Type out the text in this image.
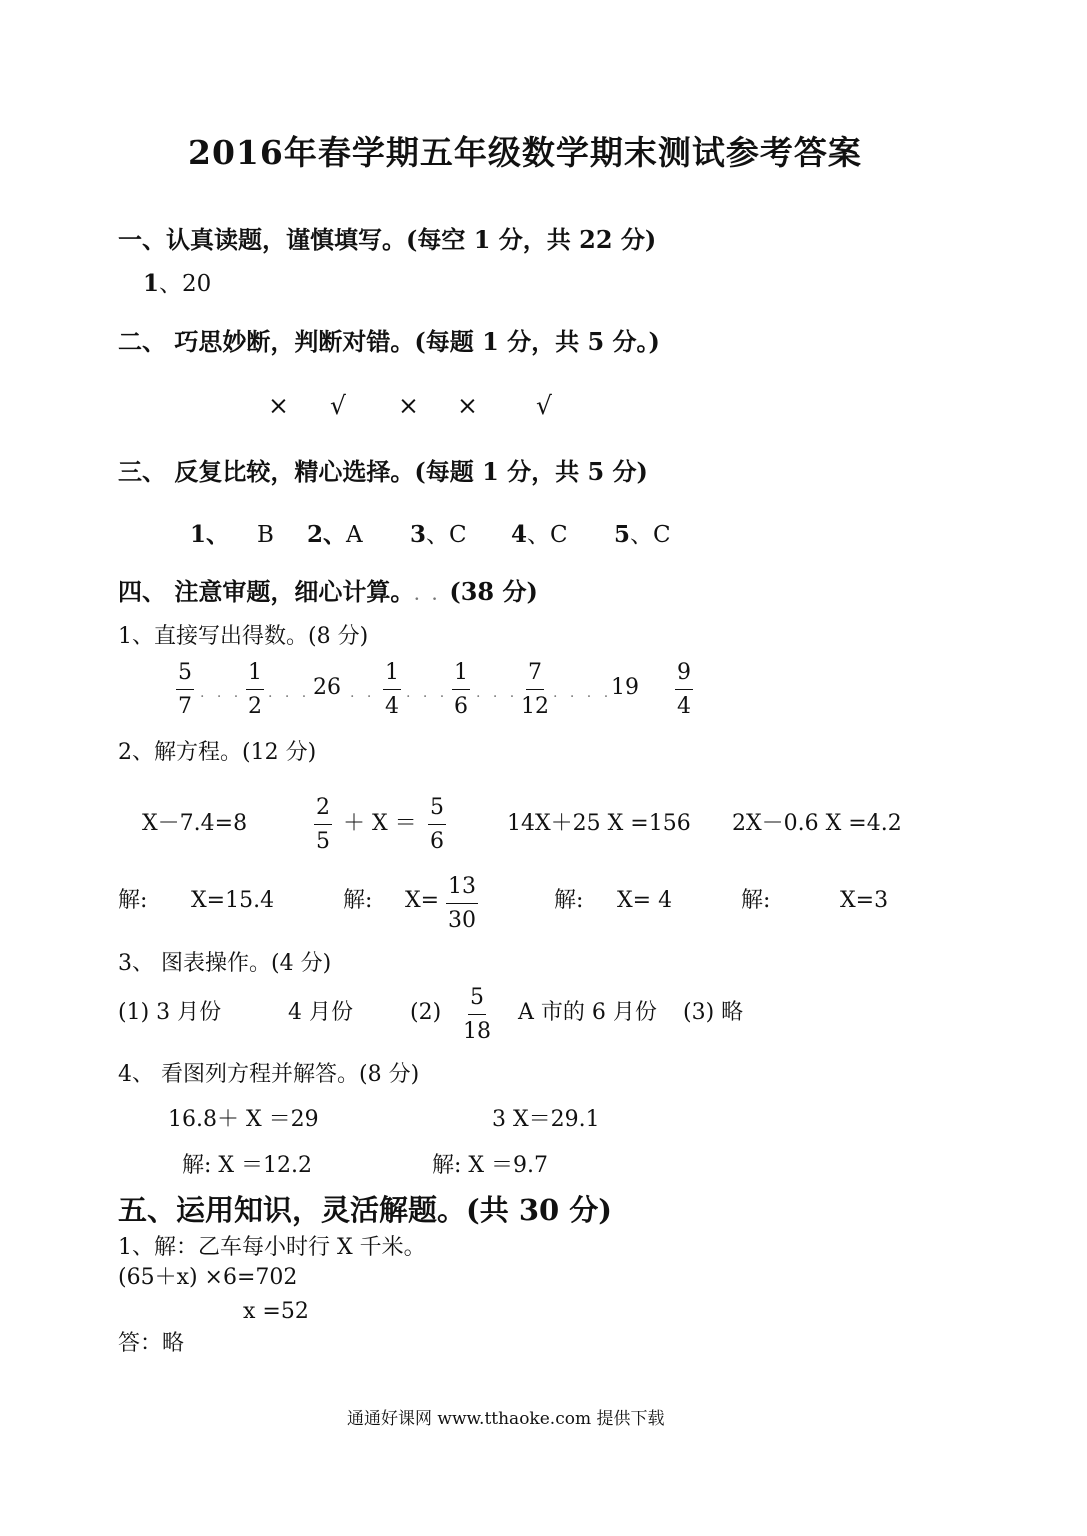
2016年春学期五年级数学期末测试参考答案
一、认真读题，谨慎填写。(每空 1 分，共 22 分)
1、20
二、 巧思妙断，判断对错。(每题 1 分，共 5 分。)
× √ × × √
三、 反复比较，精心选择。(每题 1 分，共 5 分)
1、 B 2、A 3、C 4、C 5、C
四、 注意审题，细心计算。. . (38 分)
1、直接写出得数。(8 分)
$\frac{5}{7}$ . . . $\frac{1}{2}$ . . . 26 . . $\frac{1}{4}$ . . . $\frac{1}{6}$ . . . $\frac{7}{12}$ . . . .
$19 \frac{9}{4}$
2、解方程。(12 分)
X－7.4=8	$\frac{2}{5} + X = \frac{5}{6}$	14X＋25 X =156 2X－0.6 X =4.2
解: X=15.4	解: $X= \frac{13}{30}$	解: X= 4	解:	X=3
3、 图表操作。(4 分)
(1) 3 月份	4 月份	$(2) \frac{5}{18}$ A 市的 6 月份 (3) 略
4、 看图列方程并解答。(8 分)
16.8＋ X ＝29	3 X＝29.1
解: X ＝12.2	解: X ＝9.7
五、运用知识，灵活解题。(共 30 分)
1、解：乙车每小时行 X 千米。
(65＋x) ×6=702
x =52
答：略
通通好课网 www.tthaoke.com 提供下载
